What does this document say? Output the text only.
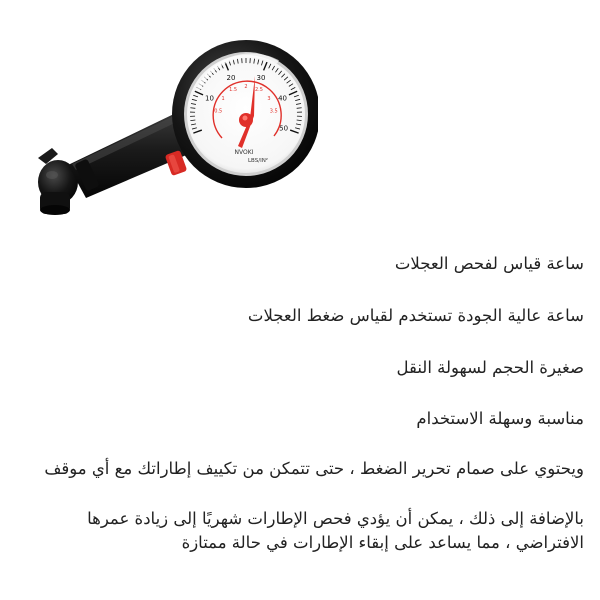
10
20	30
40
50
0.5
1
1.5
2
2.5
3
3.5
NVOKI
LBS/IN²

ساعة قياس لفحص العجلات

ساعة عالية الجودة تستخدم لقياس ضغط العجلات

صغيرة الحجم لسهولة النقل

مناسبة وسهلة الاستخدام

ويحتوي على صمام تحرير الضغط ، حتى تتمكن من تكييف إطاراتك مع أي موقف

بالإضافة إلى ذلك ، يمكن أن يؤدي فحص الإطارات شهريًا إلى زيادة عمرها الافتراضي ، مما يساعد على إبقاء الإطارات في حالة ممتازة
